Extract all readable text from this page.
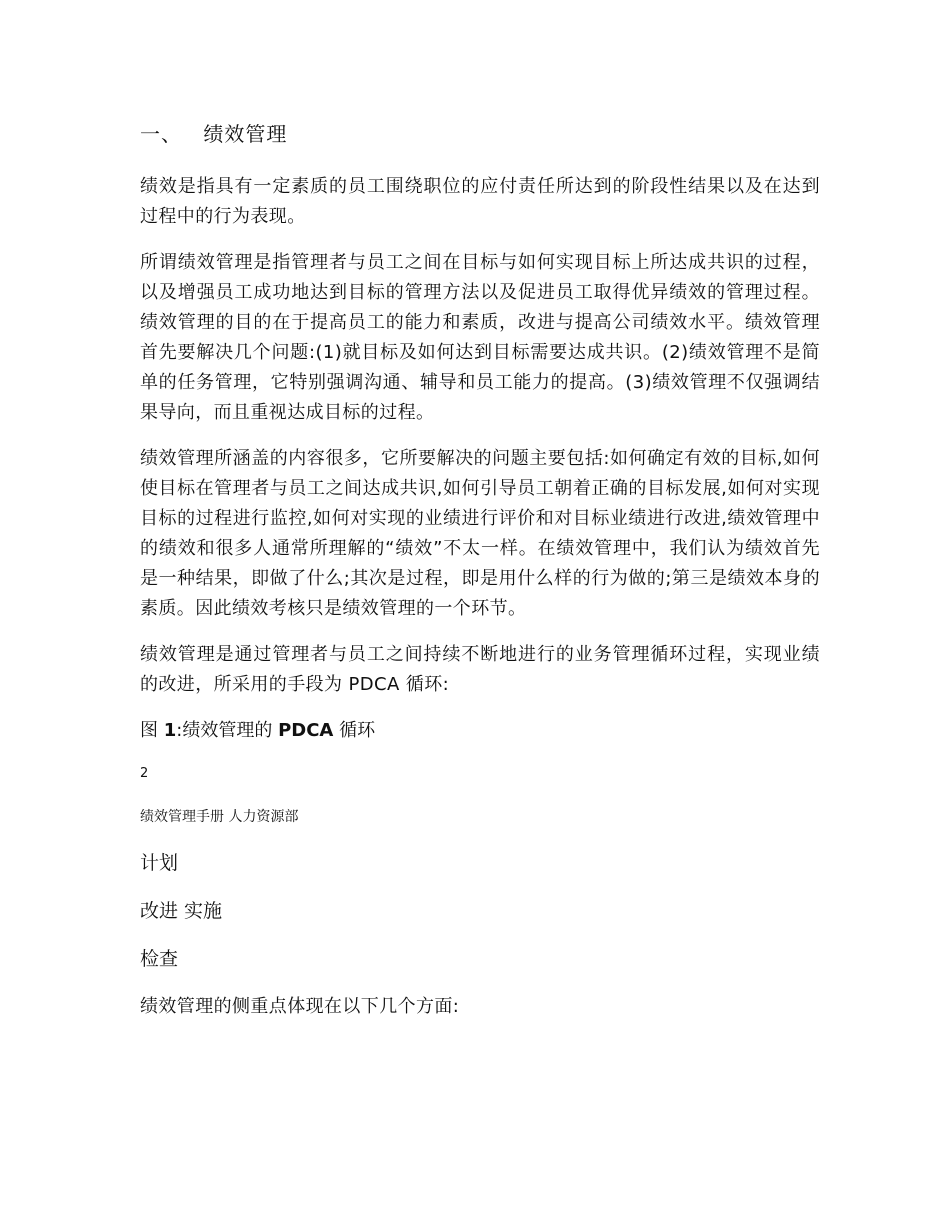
一、 绩效管理

绩效是指具有一定素质的员工围绕职位的应付责任所达到的阶段性结果以及在达到过程中的行为表现。

所谓绩效管理是指管理者与员工之间在目标与如何实现目标上所达成共识的过程，以及增强员工成功地达到目标的管理方法以及促进员工取得优异绩效的管理过程。绩效管理的目的在于提高员工的能力和素质，改进与提高公司绩效水平。绩效管理首先要解决几个问题:(1)就目标及如何达到目标需要达成共识。(2)绩效管理不是简单的任务管理，它特别强调沟通、辅导和员工能力的提高。(3)绩效管理不仅强调结果导向，而且重视达成目标的过程。

绩效管理所涵盖的内容很多，它所要解决的问题主要包括:如何确定有效的目标,如何使目标在管理者与员工之间达成共识,如何引导员工朝着正确的目标发展,如何对实现目标的过程进行监控,如何对实现的业绩进行评价和对目标业绩进行改进,绩效管理中的绩效和很多人通常所理解的“绩效”不太一样。在绩效管理中，我们认为绩效首先是一种结果，即做了什么;其次是过程，即是用什么样的行为做的;第三是绩效本身的素质。因此绩效考核只是绩效管理的一个环节。

绩效管理是通过管理者与员工之间持续不断地进行的业务管理循环过程，实现业绩的改进，所采用的手段为 PDCA 循环:

图 1:绩效管理的 PDCA 循环
2
绩效管理手册 人力资源部
计划
改进 实施
检查
绩效管理的侧重点体现在以下几个方面:
